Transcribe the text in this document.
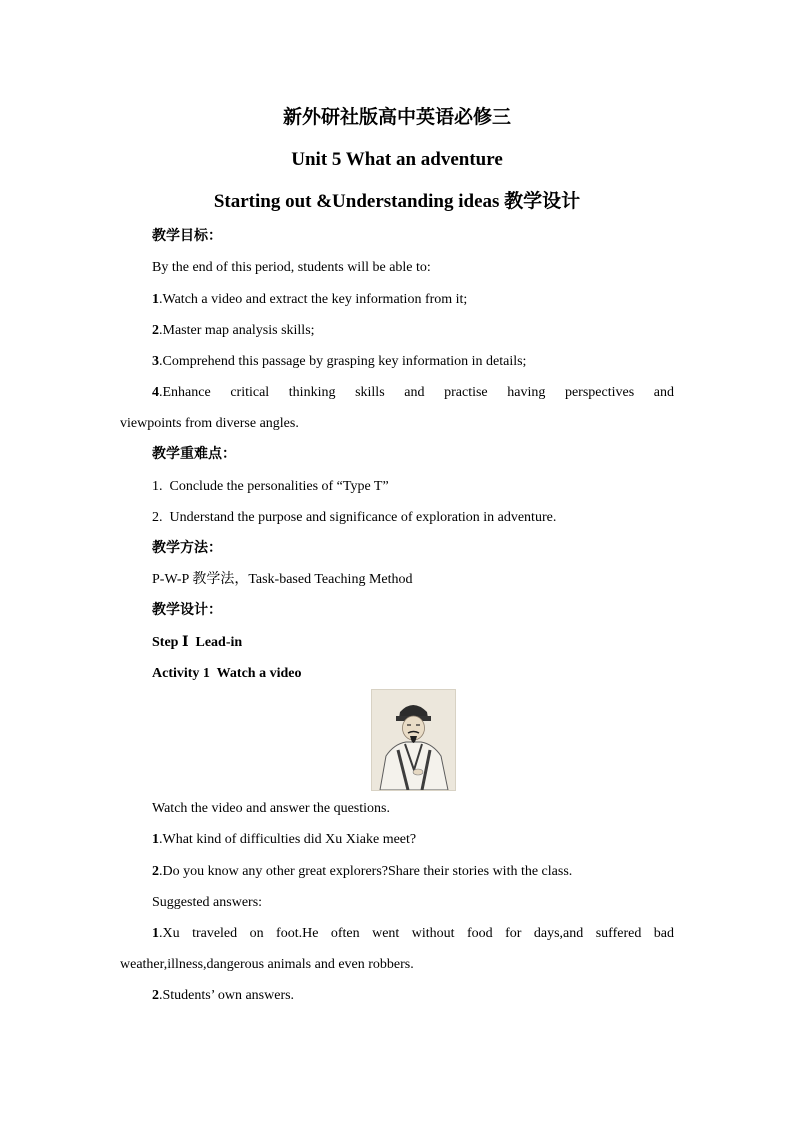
新外研社版高中英语必修三
Unit 5 What an adventure
Starting out &Understanding ideas 教学设计
教学目标：
By the end of this period, students will be able to:
1.Watch a video and extract the key information from it;
2.Master map analysis skills;
3.Comprehend this passage by grasping key information in details;
4.Enhance critical thinking skills and practise having perspectives and
viewpoints from diverse angles.
教学重难点：
1.  Conclude the personalities of “Type T”
2.  Understand the purpose and significance of exploration in adventure.
教学方法：
P-W-P 教学法，Task-based Teaching Method
教学设计：
Step Ⅰ  Lead-in
Activity 1  Watch a video
Watch the video and answer the questions.
1.What kind of difficulties did Xu Xiake meet?
2.Do you know any other great explorers?Share their stories with the class.
Suggested answers:
1.Xu traveled on foot.He often went without food for days,and suffered bad
weather,illness,dangerous animals and even robbers.
2.Students’ own answers.
